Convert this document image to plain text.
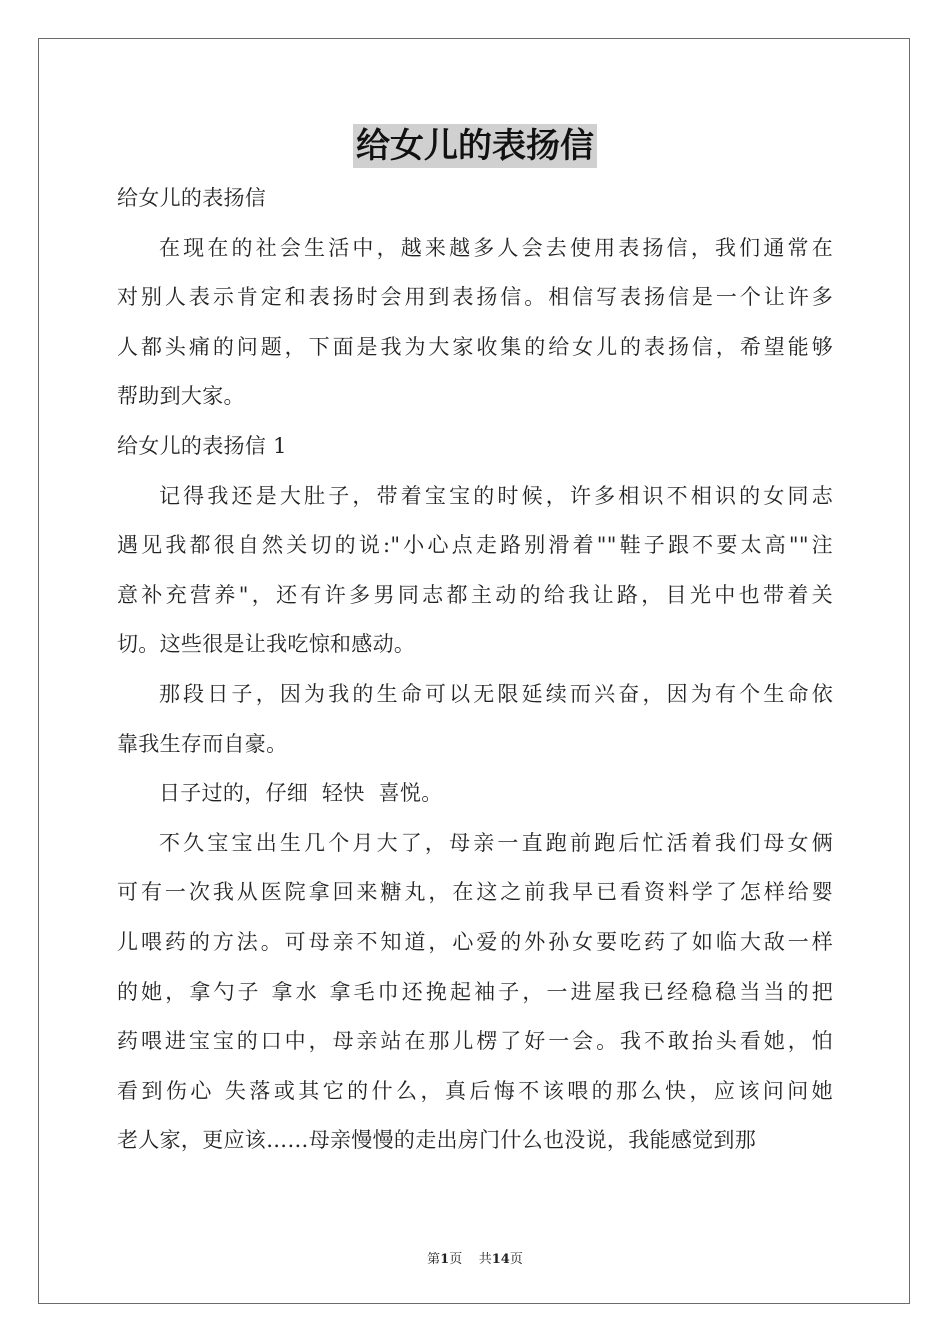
给女儿的表扬信
给女儿的表扬信
在现在的社会生活中，越来越多人会去使用表扬信，我们通常在
对别人表示肯定和表扬时会用到表扬信。相信写表扬信是一个让许多
人都头痛的问题，下面是我为大家收集的给女儿的表扬信，希望能够
帮助到大家。
给女儿的表扬信 1
记得我还是大肚子，带着宝宝的时候，许多相识不相识的女同志
遇见我都很自然关切的说:"小心点走路别滑着""鞋子跟不要太高""注
意补充营养"，还有许多男同志都主动的给我让路，目光中也带着关
切。这些很是让我吃惊和感动。
那段日子，因为我的生命可以无限延续而兴奋，因为有个生命依
靠我生存而自豪。
日子过的，仔细  轻快  喜悦。
不久宝宝出生几个月大了，母亲一直跑前跑后忙活着我们母女俩
可有一次我从医院拿回来糖丸，在这之前我早已看资料学了怎样给婴
儿喂药的方法。可母亲不知道，心爱的外孙女要吃药了如临大敌一样
的她，拿勺子 拿水 拿毛巾还挽起袖子，一进屋我已经稳稳当当的把
药喂进宝宝的口中，母亲站在那儿楞了好一会。我不敢抬头看她，怕
看到伤心 失落或其它的什么，真后悔不该喂的那么快，应该问问她
老人家，更应该……母亲慢慢的走出房门什么也没说，我能感觉到那
第1页    共14页
